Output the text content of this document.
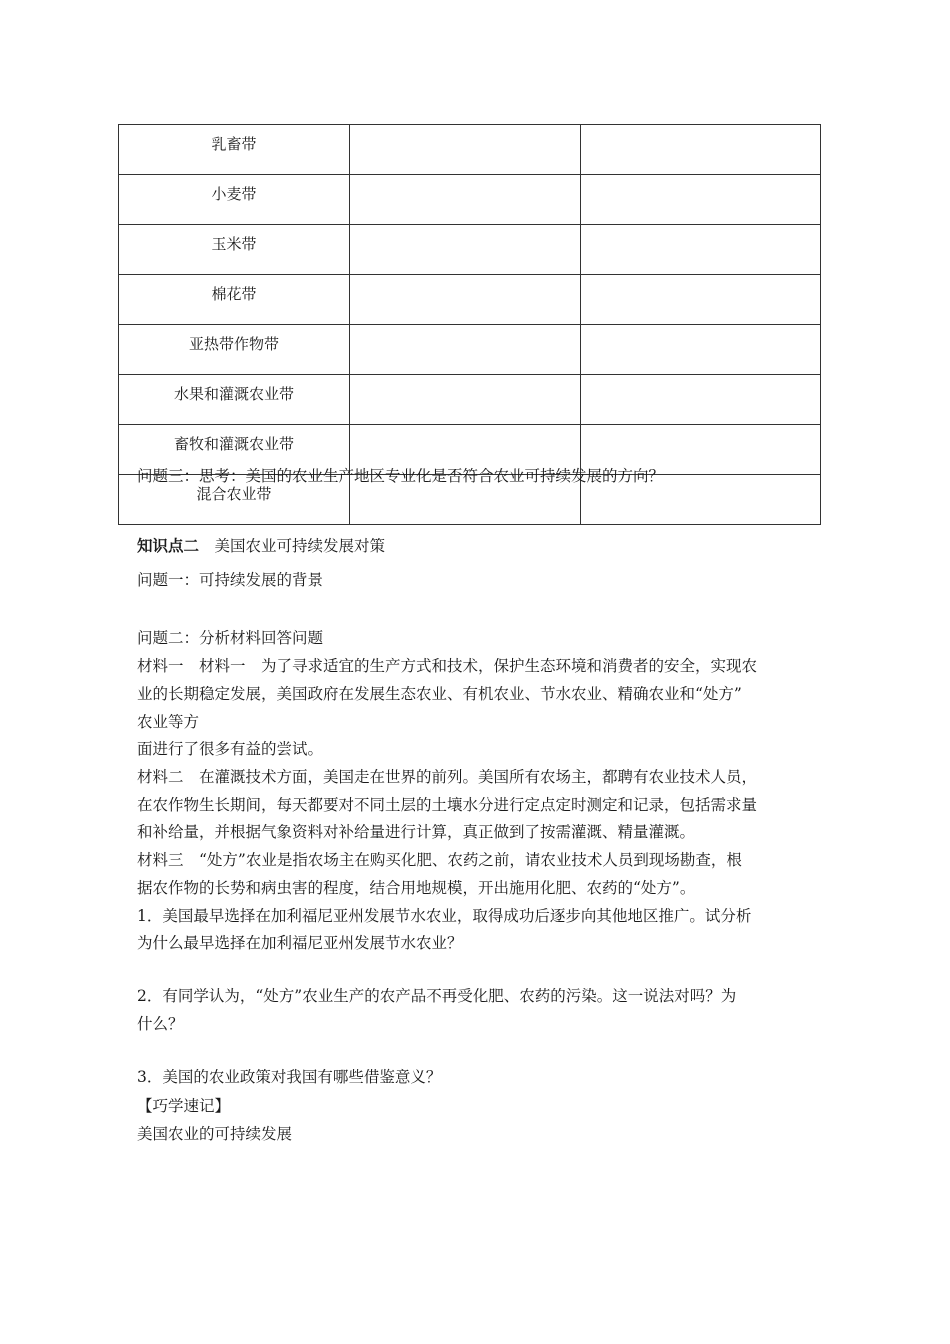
乳畜带		
小麦带		
玉米带		
棉花带		
亚热带作物带		
水果和灌溉农业带		
畜牧和灌溉农业带		
混合农业带		
问题三：思考：美国的农业生产地区专业化是否符合农业可持续发展的方向？
知识点二　 美国农业可持续发展对策
问题一：可持续发展的背景
问题二：分析材料回答问题
材料一　材料一　为了寻求适宜的生产方式和技术，保护生态环境和消费者的安全，实现农
业的长期稳定发展，美国政府在发展生态农业、有机农业、节水农业、精确农业和“处方”
农业等方
面进行了很多有益的尝试。
材料二　在灌溉技术方面，美国走在世界的前列。美国所有农场主，都聘有农业技术人员，
在农作物生长期间，每天都要对不同土层的土壤水分进行定点定时测定和记录，包括需求量
和补给量，并根据气象资料对补给量进行计算，真正做到了按需灌溉、精量灌溉。
材料三　“处方”农业是指农场主在购买化肥、农药之前，请农业技术人员到现场勘查，根
据农作物的长势和病虫害的程度，结合用地规模，开出施用化肥、农药的“处方”。
1．美国最早选择在加利福尼亚州发展节水农业，取得成功后逐步向其他地区推广。试分析
为什么最早选择在加利福尼亚州发展节水农业？
2．有同学认为，“处方”农业生产的农产品不再受化肥、农药的污染。这一说法对吗？为
什么？
3．美国的农业政策对我国有哪些借鉴意义？
【巧学速记】
美国农业的可持续发展
